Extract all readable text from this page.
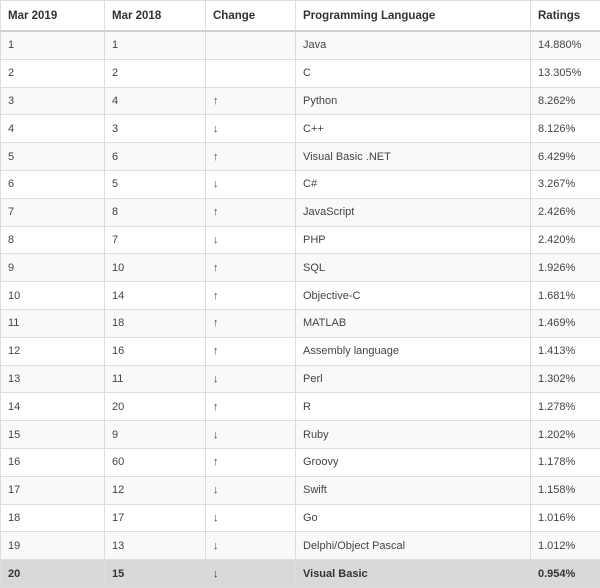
Mar 2019	Mar 2018	Change	Programming Language	Ratings
1	1		Java	14.880%
2	2		C	13.305%
3	4	↑	Python	8.262%
4	3	↓	C++	8.126%
5	6	↑	Visual Basic .NET	6.429%
6	5	↓	C#	3.267%
7	8	↑	JavaScript	2.426%
8	7	↓	PHP	2.420%
9	10	↑	SQL	1.926%
10	14	↑	Objective-C	1.681%
11	18	↑	MATLAB	1.469%
12	16	↑	Assembly language	1.413%
13	11	↓	Perl	1.302%
14	20	↑	R	1.278%
15	9	↓	Ruby	1.202%
16	60	↑	Groovy	1.178%
17	12	↓	Swift	1.158%
18	17	↓	Go	1.016%
19	13	↓	Delphi/Object Pascal	1.012%
20	15	↓	Visual Basic	0.954%
